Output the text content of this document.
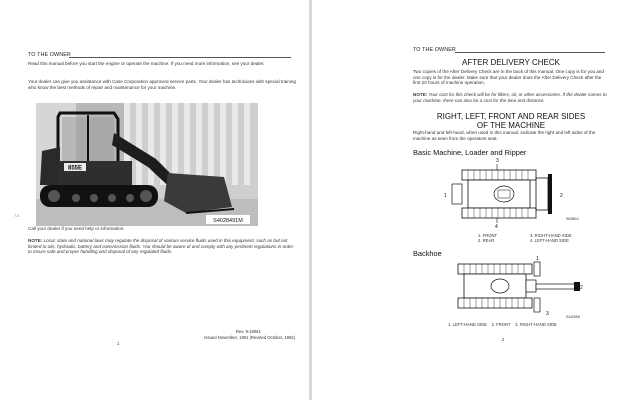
TO THE OWNER
Read this manual before you start the engine or operate the machine. If you need more information, see your dealer.
Your dealer can give you assistance with Case Corporation approved service parts. Your dealer has technicians with special training who know the best methods of repair and maintenance for your machine.
855E
S4028491M
7-0
Call your dealer if you need help or information.
NOTE: Local, state and national laws may regulate the disposal of various service fluids used in this equipment, such as but not limited to oils, hydraulic, battery and transmission fluids. You should be aware of and comply with any pertinent regulations in order to insure safe and proper handling and disposal of any regulated fluids.
Rev. 9-19061
Issued November, 1991 (Revised October, 1992)
1
TO THE OWNER
AFTER DELIVERY CHECK
Two copies of the After Delivery Check are in the back of this manual. One copy is for you and one copy is for the dealer. Make sure that your dealer does the After Delivery Check after the first 20 hours of machine operation.
NOTE: Your cost for this check will be for filters, oil, or other accessories. If the dealer comes to your machine, there can also be a cost for the time and distance.
RIGHT, LEFT, FRONT AND REAR SIDES
OF THE MACHINE
Right-hand and left-hand, when used in this manual, indicate the right and left sides of the machine as seen from the operators seat.
Basic Machine, Loader and Ripper
3
1	2
4
S60BEU
1. FRONT	3. RIGHT-HAND SIDE
2. REAR	4. LEFT-HAND SIDE
Backhoe
1
2
3	S44255U
1. LEFT-HAND SIDE    2. FRONT    3. RIGHT-HAND SIDE
2
